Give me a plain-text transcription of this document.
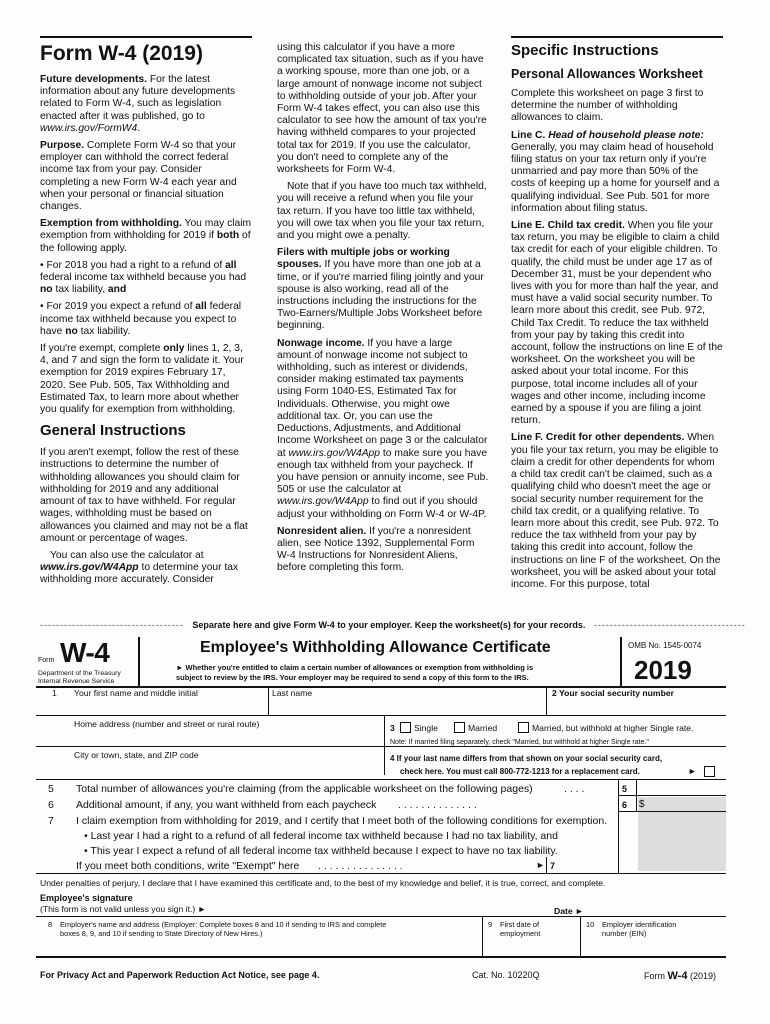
Form W-4 (2019)

Future developments. For the latest information about any future developments related to Form W-4, such as legislation enacted after it was published, go to www.irs.gov/FormW4.

Purpose. Complete Form W-4 so that your employer can withhold the correct federal income tax from your pay. Consider completing a new Form W-4 each year and when your personal or financial situation changes.

Exemption from withholding. You may claim exemption from withholding for 2019 if both of the following apply.

• For 2018 you had a right to a refund of all federal income tax withheld because you had no tax liability, and

• For 2019 you expect a refund of all federal income tax withheld because you expect to have no tax liability.

If you're exempt, complete only lines 1, 2, 3, 4, and 7 and sign the form to validate it. Your exemption for 2019 expires February 17, 2020. See Pub. 505, Tax Withholding and Estimated Tax, to learn more about whether you qualify for exemption from withholding.

General Instructions

If you aren't exempt, follow the rest of these instructions to determine the number of withholding allowances you should claim for withholding for 2019 and any additional amount of tax to have withheld. For regular wages, withholding must be based on allowances you claimed and may not be a flat amount or percentage of wages.

You can also use the calculator at www.irs.gov/W4App to determine your tax withholding more accurately. Consider

using this calculator if you have a more complicated tax situation, such as if you have a working spouse, more than one job, or a large amount of nonwage income not subject to withholding outside of your job. After your Form W-4 takes effect, you can also use this calculator to see how the amount of tax you're having withheld compares to your projected total tax for 2019. If you use the calculator, you don't need to complete any of the worksheets for Form W-4.

Note that if you have too much tax withheld, you will receive a refund when you file your tax return. If you have too little tax withheld, you will owe tax when you file your tax return, and you might owe a penalty.

Filers with multiple jobs or working spouses. If you have more than one job at a time, or if you're married filing jointly and your spouse is also working, read all of the instructions including the instructions for the Two-Earners/Multiple Jobs Worksheet before beginning.

Nonwage income. If you have a large amount of nonwage income not subject to withholding, such as interest or dividends, consider making estimated tax payments using Form 1040-ES, Estimated Tax for Individuals. Otherwise, you might owe additional tax. Or, you can use the Deductions, Adjustments, and Additional Income Worksheet on page 3 or the calculator at www.irs.gov/W4App to make sure you have enough tax withheld from your paycheck. If you have pension or annuity income, see Pub. 505 or use the calculator at www.irs.gov/W4App to find out if you should adjust your withholding on Form W-4 or W-4P.

Nonresident alien. If you're a nonresident alien, see Notice 1392, Supplemental Form W-4 Instructions for Nonresident Aliens, before completing this form.

Specific Instructions
Personal Allowances Worksheet

Complete this worksheet on page 3 first to determine the number of withholding allowances to claim.

Line C. Head of household please note: Generally, you may claim head of household filing status on your tax return only if you're unmarried and pay more than 50% of the costs of keeping up a home for yourself and a qualifying individual. See Pub. 501 for more information about filing status.

Line E. Child tax credit. When you file your tax return, you may be eligible to claim a child tax credit for each of your eligible children. To qualify, the child must be under age 17 as of December 31, must be your dependent who lives with you for more than half the year, and must have a valid social security number. To learn more about this credit, see Pub. 972, Child Tax Credit. To reduce the tax withheld from your pay by taking this credit into account, follow the instructions on line E of the worksheet. On the worksheet you will be asked about your total income. For this purpose, total income includes all of your wages and other income, including income earned by a spouse if you are filing a joint return.

Line F. Credit for other dependents. When you file your tax return, you may be eligible to claim a credit for other dependents for whom a child tax credit can't be claimed, such as a qualifying child who doesn't meet the age or social security number requirement for the child tax credit, or a qualifying relative. To learn more about this credit, see Pub. 972. To reduce the tax withheld from your pay by taking this credit into account, follow the instructions on line F of the worksheet. On the worksheet, you will be asked about your total income. For this purpose, total

------------------------------------ Separate here and give Form W-4 to your employer. Keep the worksheet(s) for your records. --------------------------------------
Form W-4
Department of the Treasury
Internal Revenue Service
Employee's Withholding Allowance Certificate
► Whether you're entitled to claim a certain number of allowances or exemption from withholding is
subject to review by the IRS. Your employer may be required to send a copy of this form to the IRS.
OMB No. 1545-0074
2019
1 Your first name and middle initial	Last name	2 Your social security number
Home address (number and street or rural route)	3	Single	Married	Married, but withhold at higher Single rate.
Note: If married filing separately, check "Married, but withhold at higher Single rate."
City or town, state, and ZIP code	4 If your last name differs from that shown on your social security card,
check here. You must call 800-772-1213 for a replacement card.	►
5 Total number of allowances you're claiming (from the applicable worksheet on the following pages)	. . . .	5
6 Additional amount, if any, you want withheld from each paycheck . . . . . . . . . . . . . .	6 $
7 I claim exemption from withholding for 2019, and I certify that I meet both of the following conditions for exemption.
• Last year I had a right to a refund of all federal income tax withheld because I had no tax liability, and
• This year I expect a refund of all federal income tax withheld because I expect to have no tax liability.
If you meet both conditions, write "Exempt" here . . . . . . . . . . . . . . .	► 7
Under penalties of perjury, I declare that I have examined this certificate and, to the best of my knowledge and belief, it is true, correct, and complete.
Employee's signature
(This form is not valid unless you sign it.) ►	Date ►
8 Employer's name and address (Employer: Complete boxes 8 and 10 if sending to IRS and complete
boxes 8, 9, and 10 if sending to State Directory of New Hires.)
9 First date of
employment
10 Employer identification
number (EIN)
For Privacy Act and Paperwork Reduction Act Notice, see page 4.	Cat. No. 10220Q	Form W-4 (2019)
